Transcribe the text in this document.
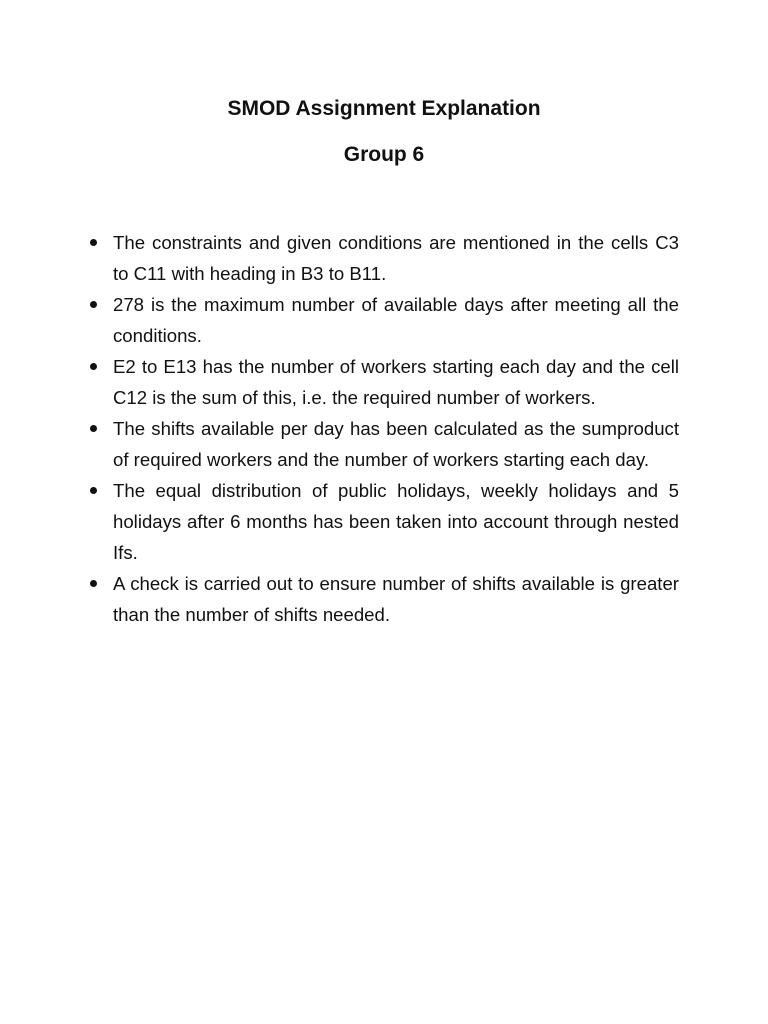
SMOD Assignment Explanation
Group 6
The constraints and given conditions are mentioned in the cells C3 to C11 with heading in B3 to B11.
278 is the maximum number of available days after meeting all the conditions.
E2 to E13 has the number of workers starting each day and the cell C12 is the sum of this, i.e. the required number of workers.
The shifts available per day has been calculated as the sumproduct of required workers and the number of workers starting each day.
The equal distribution of public holidays, weekly holidays and 5 holidays after 6 months has been taken into account through nested Ifs.
A check is carried out to ensure number of shifts available is greater than the number of shifts needed.
